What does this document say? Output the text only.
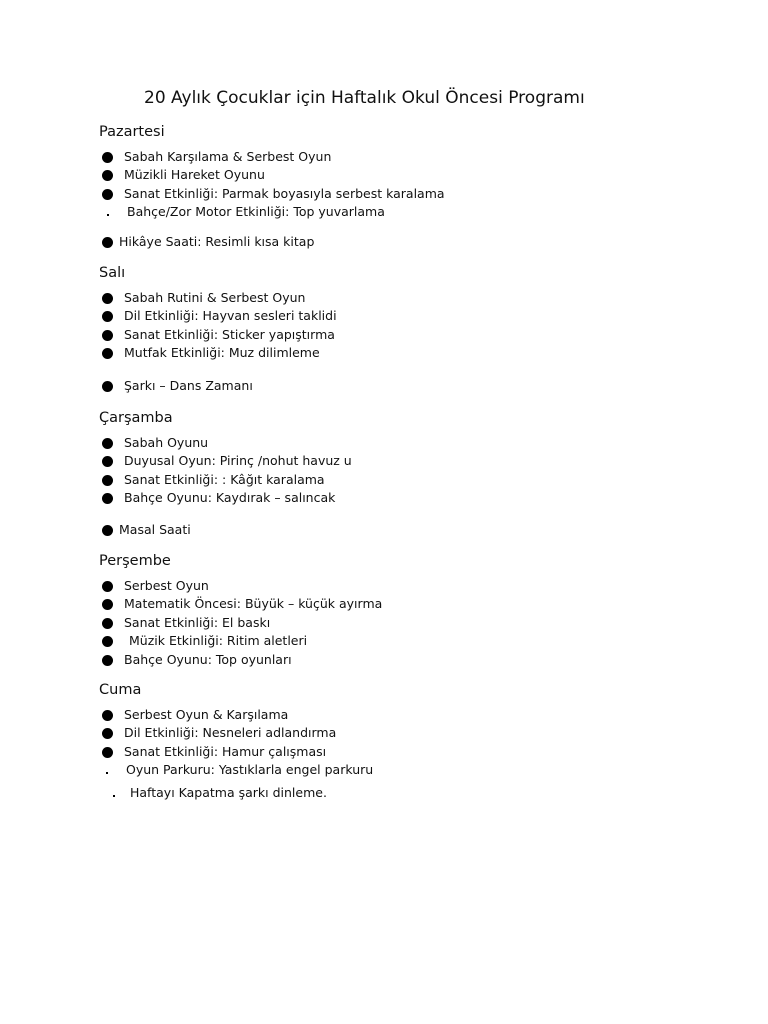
20 Aylık Çocuklar için Haftalık Okul Öncesi Programı
Pazartesi
Sabah Karşılama & Serbest Oyun
Müzikli Hareket Oyunu
Sanat Etkinliği: Parmak boyasıyla serbest karalama
Bahçe/Zor Motor Etkinliği: Top yuvarlama
Hikâye Saati: Resimli kısa kitap
Salı
Sabah Rutini & Serbest Oyun
Dil Etkinliği: Hayvan sesleri taklidi
Sanat Etkinliği: Sticker yapıştırma
Mutfak Etkinliği: Muz dilimleme
Şarkı – Dans Zamanı
Çarşamba
Sabah Oyunu
Duyusal Oyun: Pirinç /nohut havuz u
Sanat Etkinliği: : Kâğıt karalama
Bahçe Oyunu: Kaydırak – salıncak
Masal Saati
Perşembe
Serbest Oyun
Matematik Öncesi: Büyük – küçük ayırma
Sanat Etkinliği: El baskı
Müzik Etkinliği: Ritim aletleri
Bahçe Oyunu: Top oyunları
Cuma
Serbest Oyun & Karşılama
Dil Etkinliği: Nesneleri adlandırma
Sanat Etkinliği: Hamur çalışması
Oyun Parkuru: Yastıklarla engel parkuru
Haftayı Kapatma şarkı dinleme.
